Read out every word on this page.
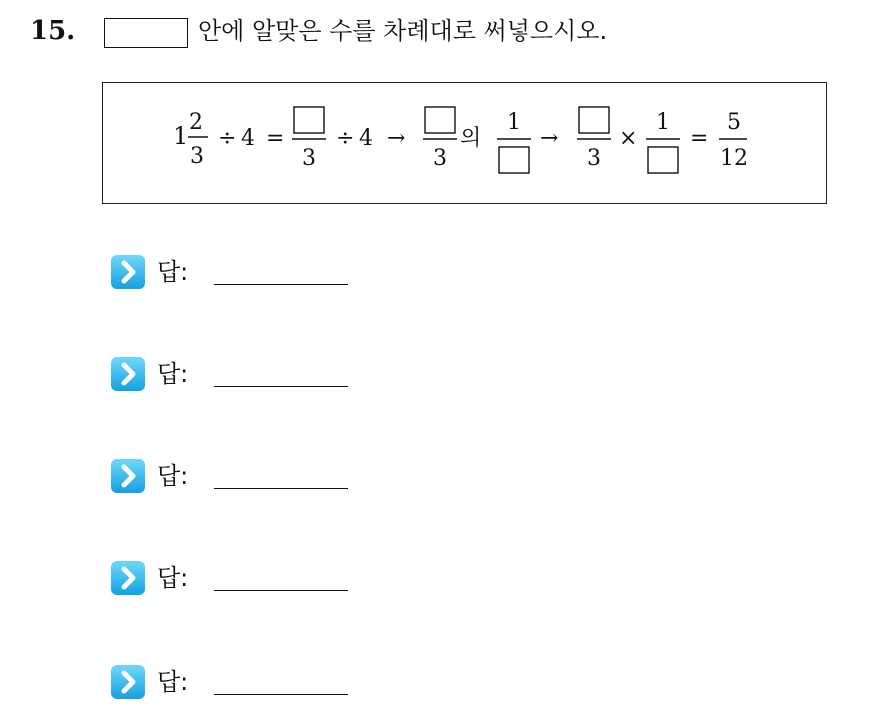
15.	안에 알맞은 수를 차례대로 써넣으시오.
1 2
3
÷ 4 =
3
÷ 4 →
3
의
1
→
3
×
1
=
5
12
답:
답:
답:
답:
답:
